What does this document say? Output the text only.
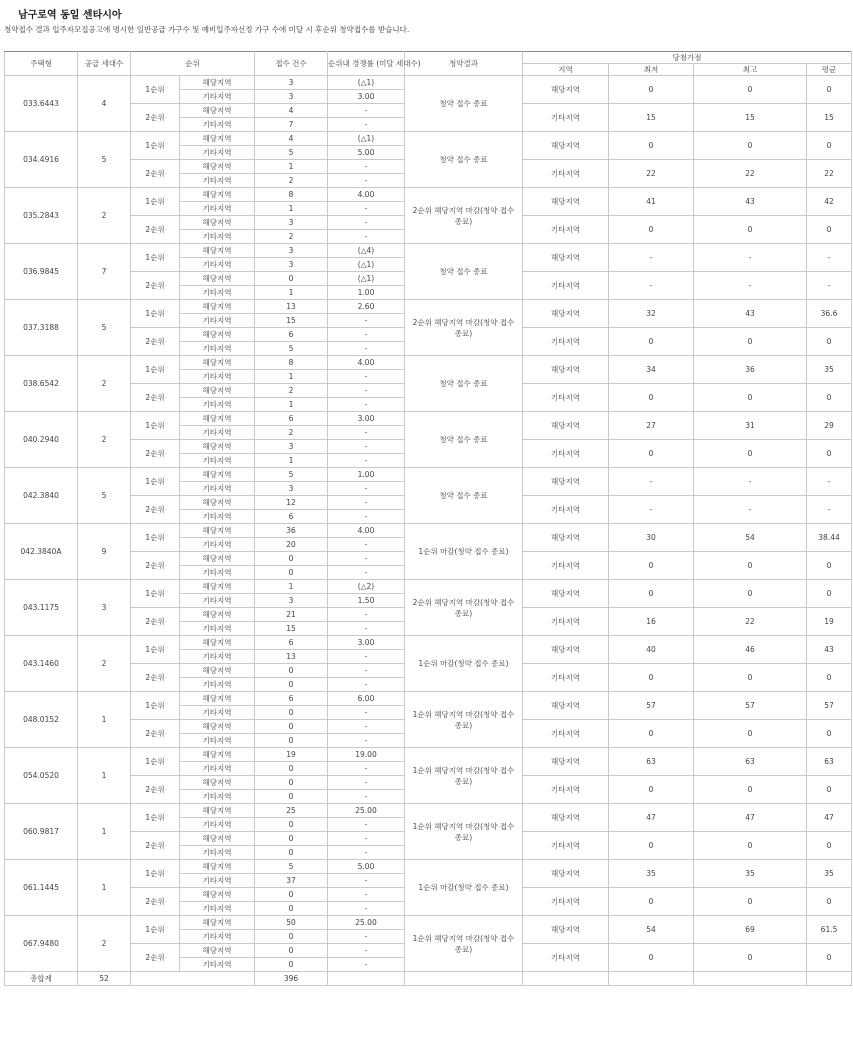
남구로역 동일 센타시아
청약접수 결과 입주자모집공고에 명시한 일반공급 가구수 및 예비입주자선정 가구 수에 미달 시 후순위 청약접수를 받습니다.
주택형	공급 세대수	순위		접수 건수	순위내 경쟁률 (미달 세대수)	청약결과	당첨가점			
							지역	최저	최고	평균
033.6443	4	1순위	해당지역	3	(△1)	청약 접수 종료	해당지역	0	0	0
			기타지역	3	3.00					
		2순위	해당지역	4	-		기타지역	15	15	15
			기타지역	7	-					
034.4916	5	1순위	해당지역	4	(△1)	청약 접수 종료	해당지역	0	0	0
			기타지역	5	5.00					
		2순위	해당지역	1	-		기타지역	22	22	22
			기타지역	2	-					
035.2843	2	1순위	해당지역	8	4.00	2순위 해당지역 마감(청약 접수 종료)	해당지역	41	43	42
			기타지역	1	-					
		2순위	해당지역	3	-		기타지역	0	0	0
			기타지역	2	-					
036.9845	7	1순위	해당지역	3	(△4)	청약 접수 종료	해당지역	-	-	-
			기타지역	3	(△1)					
		2순위	해당지역	0	(△1)		기타지역	-	-	-
			기타지역	1	1.00					
037.3188	5	1순위	해당지역	13	2.60	2순위 해당지역 마감(청약 접수 종료)	해당지역	32	43	36.6
			기타지역	15	-					
		2순위	해당지역	6	-		기타지역	0	0	0
			기타지역	5	-					
038.6542	2	1순위	해당지역	8	4.00	청약 접수 종료	해당지역	34	36	35
			기타지역	1	-					
		2순위	해당지역	2	-		기타지역	0	0	0
			기타지역	1	-					
040.2940	2	1순위	해당지역	6	3.00	청약 접수 종료	해당지역	27	31	29
			기타지역	2	-					
		2순위	해당지역	3	-		기타지역	0	0	0
			기타지역	1	-					
042.3840	5	1순위	해당지역	5	1.00	청약 접수 종료	해당지역	-	-	-
			기타지역	3	-					
		2순위	해당지역	12	-		기타지역	-	-	-
			기타지역	6	-					
042.3840A	9	1순위	해당지역	36	4.00	1순위 마감(청약 접수 종료)	해당지역	30	54	38.44
			기타지역	20	-					
		2순위	해당지역	0	-		기타지역	0	0	0
			기타지역	0	-					
043.1175	3	1순위	해당지역	1	(△2)	2순위 해당지역 마감(청약 접수 종료)	해당지역	0	0	0
			기타지역	3	1.50					
		2순위	해당지역	21	-		기타지역	16	22	19
			기타지역	15	-					
043.1460	2	1순위	해당지역	6	3.00	1순위 마감(청약 접수 종료)	해당지역	40	46	43
			기타지역	13	-					
		2순위	해당지역	0	-		기타지역	0	0	0
			기타지역	0	-					
048.0152	1	1순위	해당지역	6	6.00	1순위 해당지역 마감(청약 접수 종료)	해당지역	57	57	57
			기타지역	0	-					
		2순위	해당지역	0	-		기타지역	0	0	0
			기타지역	0	-					
054.0520	1	1순위	해당지역	19	19.00	1순위 해당지역 마감(청약 접수 종료)	해당지역	63	63	63
			기타지역	0	-					
		2순위	해당지역	0	-		기타지역	0	0	0
			기타지역	0	-					
060.9817	1	1순위	해당지역	25	25.00	1순위 해당지역 마감(청약 접수 종료)	해당지역	47	47	47
			기타지역	0	-					
		2순위	해당지역	0	-		기타지역	0	0	0
			기타지역	0	-					
061.1445	1	1순위	해당지역	5	5.00	1순위 마감(청약 접수 종료)	해당지역	35	35	35
			기타지역	37	-					
		2순위	해당지역	0	-		기타지역	0	0	0
			기타지역	0	-					
067.9480	2	1순위	해당지역	50	25.00	1순위 해당지역 마감(청약 접수 종료)	해당지역	54	69	61.5
			기타지역	0	-					
		2순위	해당지역	0	-		기타지역	0	0	0
			기타지역	0	-					
총합계	52			396						
